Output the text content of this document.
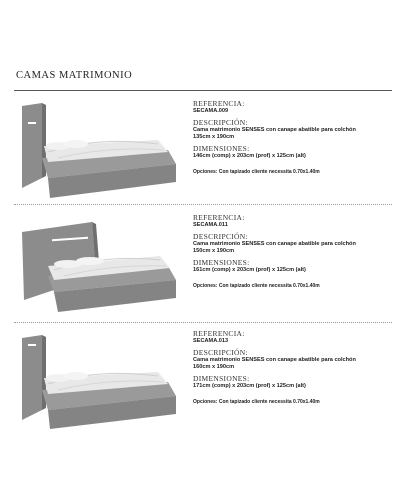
CAMAS MATRIMONIO
REFERENCIA:
SECAMA.009
DESCRIPCIÓN:
Cama matrimonio SENSES con canape abatible para colchón
135cm x 190cm
DIMENSIONES:
146cm (comp) x 203cm (prof) x 125cm (alt)
Opciones: Con tapizado cliente necessita 0.70x1.40m
REFERENCIA:
SECAMA.011
DESCRIPCIÓN:
Cama matrimonio SENSES con canape abatible para colchón
150cm x 190cm
DIMENSIONES:
161cm (comp) x 203cm (prof) x 125cm (alt)
Opciones: Con tapizado cliente necessita 0.70x1.40m
REFERENCIA:
SECAMA.013
DESCRIPCIÓN:
Cama matrimonio SENSES con canape abatible para colchón
160cm x 190cm
DIMENSIONES:
171cm (comp) x 203cm (prof) x 125cm (alt)
Opciones: Con tapizado cliente necessita 0.70x1.40m
